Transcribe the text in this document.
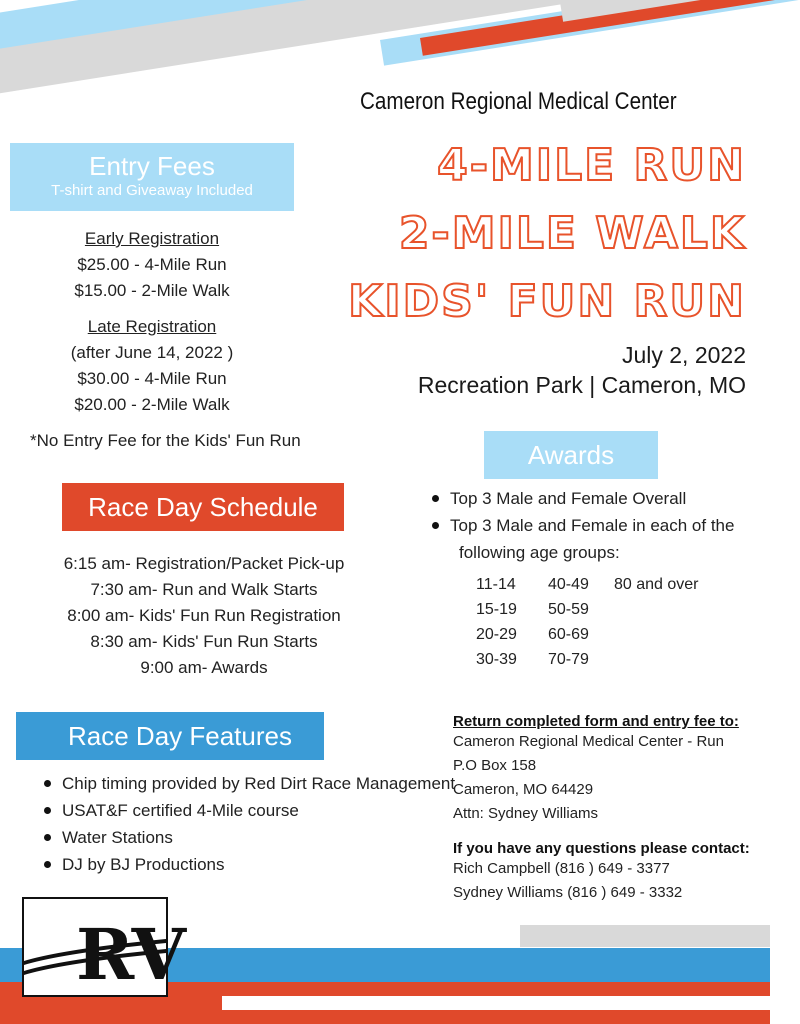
Cameron Regional Medical Center
4-MILE RUN
2-MILE WALK
KIDS' FUN RUN
July 2, 2022
Recreation Park | Cameron, MO
Entry Fees
T-shirt and Giveaway Included
Early Registration
$25.00 - 4-Mile Run
$15.00 - 2-Mile Walk
Late Registration
(after June 14, 2022 )
$30.00 - 4-Mile Run
$20.00 - 2-Mile Walk
*No Entry Fee for the Kids' Fun Run
Race Day Schedule
6:15 am- Registration/Packet Pick-up
7:30 am- Run and Walk Starts
8:00 am- Kids' Fun Run Registration
8:30 am- Kids' Fun Run Starts
9:00 am- Awards
Race Day Features
Chip timing provided by Red Dirt Race Management
USAT&F certified 4-Mile course
Water Stations
DJ by BJ Productions
Awards
Top 3 Male and Female Overall
Top 3 Male and Female in each of the
following age groups:
11-14
15-19
20-29
30-39
40-49
50-59
60-69
70-79
80 and over
Return completed form and entry fee to:
Cameron Regional Medical Center - Run
P.O Box 158
Cameron, MO 64429
Attn: Sydney Williams
If you have any questions please contact:
Rich Campbell (816 ) 649 - 3377
Sydney Williams (816 ) 649 - 3332
RV
